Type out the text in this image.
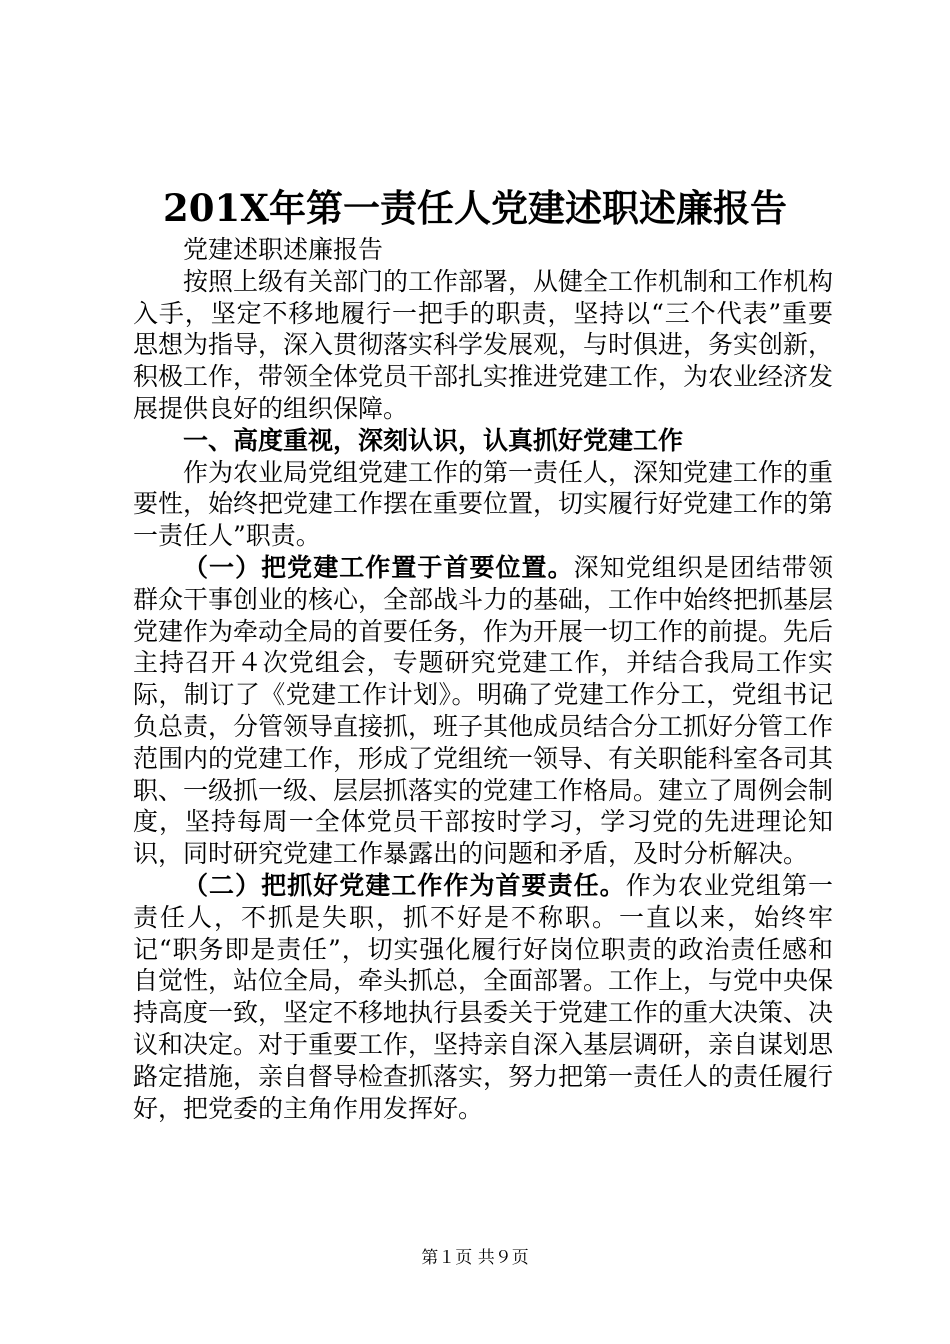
201X年第一责任人党建述职述廉报告

党建述职述廉报告

按照上级有关部门的工作部署，从健全工作机制和工作机构入手，坚定不移地履行一把手的职责，坚持以“三个代表”重要思想为指导，深入贯彻落实科学发展观，与时俱进，务实创新，积极工作，带领全体党员干部扎实推进党建工作，为农业经济发展提供良好的组织保障。

一、高度重视，深刻认识，认真抓好党建工作

作为农业局党组党建工作的第一责任人，深知党建工作的重要性，始终把党建工作摆在重要位置，切实履行好党建工作的第一责任人”职责。

（一）把党建工作置于首要位置。深知党组织是团结带领群众干事创业的核心，全部战斗力的基础，工作中始终把抓基层党建作为牵动全局的首要任务，作为开展一切工作的前提。先后主持召开４次党组会，专题研究党建工作，并结合我局工作实际，制订了《党建工作计划》。明确了党建工作分工，党组书记负总责，分管领导直接抓，班子其他成员结合分工抓好分管工作范围内的党建工作，形成了党组统一领导、有关职能科室各司其职、一级抓一级、层层抓落实的党建工作格局。建立了周例会制度，坚持每周一全体党员干部按时学习，学习党的先进理论知识，同时研究党建工作暴露出的问题和矛盾，及时分析解决。

（二）把抓好党建工作作为首要责任。作为农业党组第一责任人，不抓是失职，抓不好是不称职。一直以来，始终牢记“职务即是责任”，切实强化履行好岗位职责的政治责任感和自觉性，站位全局，牵头抓总，全面部署。工作上，与党中央保持高度一致，坚定不移地执行县委关于党建工作的重大决策、决议和决定。对于重要工作，坚持亲自深入基层调研，亲自谋划思路定措施，亲自督导检查抓落实，努力把第一责任人的责任履行好，把党委的主角作用发挥好。

第１页 共９页
